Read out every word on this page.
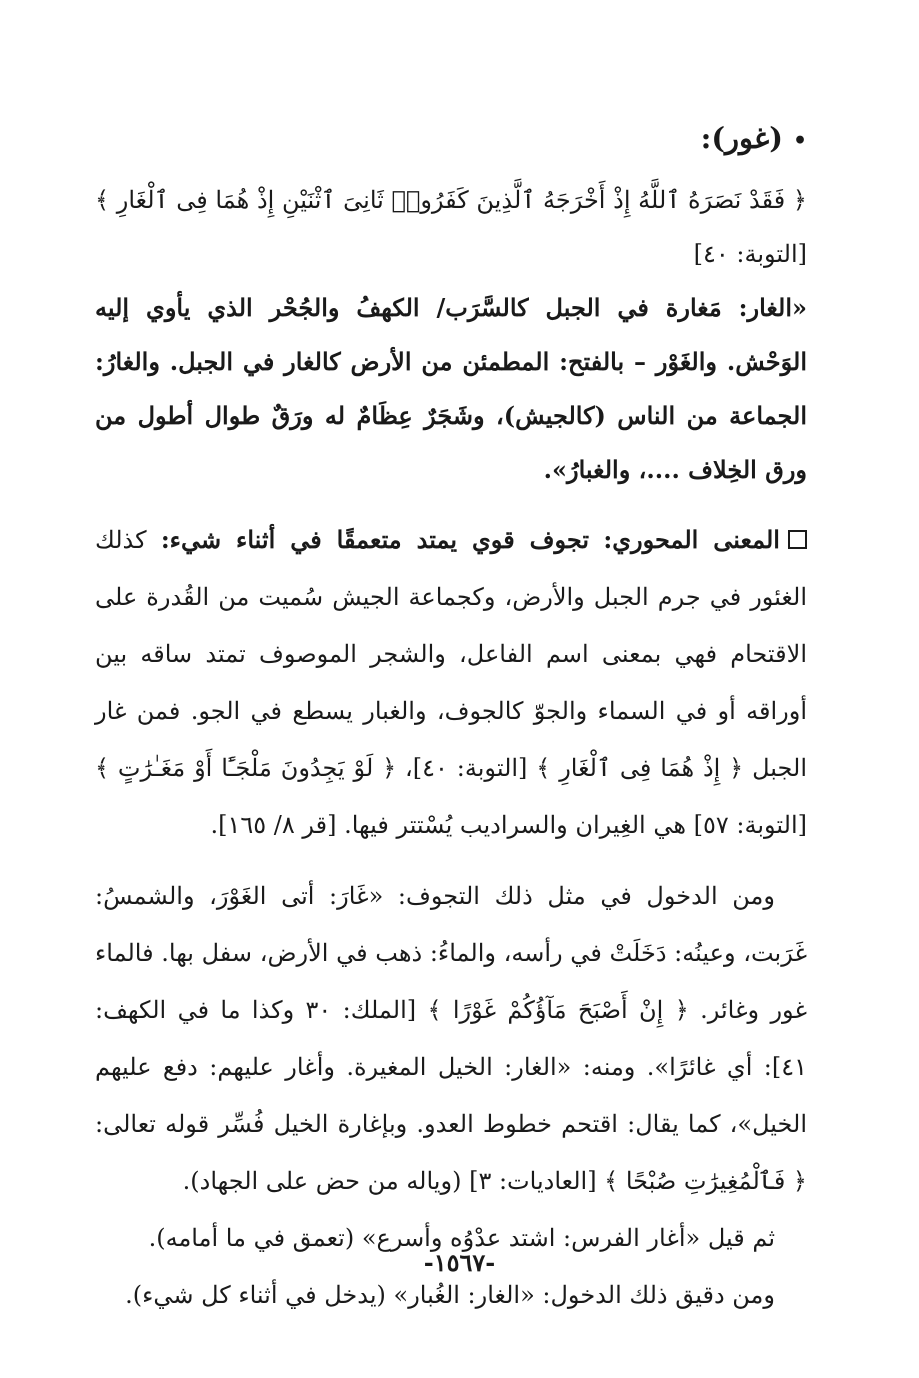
•(غور):

﴿ فَقَدْ نَصَرَهُ ٱللَّهُ إِذْ أَخْرَجَهُ ٱلَّذِينَ كَفَرُوا۟ ثَانِىَ ٱثْنَيْنِ إِذْ هُمَا فِى ٱلْغَارِ ﴾ [التوبة: ٤٠]

«الغار: مَغارة في الجبل كالسَّرَب/ الكهفُ والجُحْر الذي يأوي إليه الوَحْش. والغَوْر – بالفتح: المطمئن من الأرض كالغار في الجبل. والغارُ: الجماعة من الناس (كالجيش)، وشَجَرٌ عِظَامٌ له ورَقٌ طوال أطول من ورق الخِلاف ....، والغبارُ».

المعنى المحوري: تجوف قوي يمتد متعمقًا في أثناء شيء: كذلك الغئور في جرم الجبل والأرض، وكجماعة الجيش سُميت من القُدرة على الاقتحام فهي بمعنى اسم الفاعل، والشجر الموصوف تمتد ساقه بين أوراقه أو في السماء والجوّ كالجوف، والغبار يسطع في الجو. فمن غار الجبل ﴿ إِذْ هُمَا فِى ٱلْغَارِ ﴾ [التوبة: ٤٠]، ﴿ لَوْ يَجِدُونَ مَلْجَـًٔا أَوْ مَغَـٰرَٰتٍ ﴾ [التوبة: ٥٧] هي الغِيران والسراديب يُسْتتر فيها. [قر ٨/ ١٦٥].

ومن الدخول في مثل ذلك التجوف: «غَارَ: أتى الغَوْرَ، والشمسُ: غَرَبت، وعينُه: دَخَلَتْ في رأسه، والماءُ: ذهب في الأرض، سفل بها. فالماء غور وغائر. ﴿ إِنْ أَصْبَحَ مَآؤُكُمْ غَوْرًا ﴾ [الملك: ٣٠ وكذا ما في الكهف: ٤١]: أي غائرًا». ومنه: «الغار: الخيل المغيرة. وأغار عليهم: دفع عليهم الخيل»، كما يقال: اقتحم خطوط العدو. وبإغارة الخيل فُسِّر قوله تعالى: ﴿ فَٱلْمُغِيرَٰتِ صُبْحًا ﴾ [العاديات: ٣] (وياله من حض على الجهاد).

ثم قيل «أغار الفرس: اشتد عدْوُه وأسرع» (تعمق في ما أمامه).

ومن دقيق ذلك الدخول: «الغار: الغُبار» (يدخل في أثناء كل شيء).

-١٥٦٧-
